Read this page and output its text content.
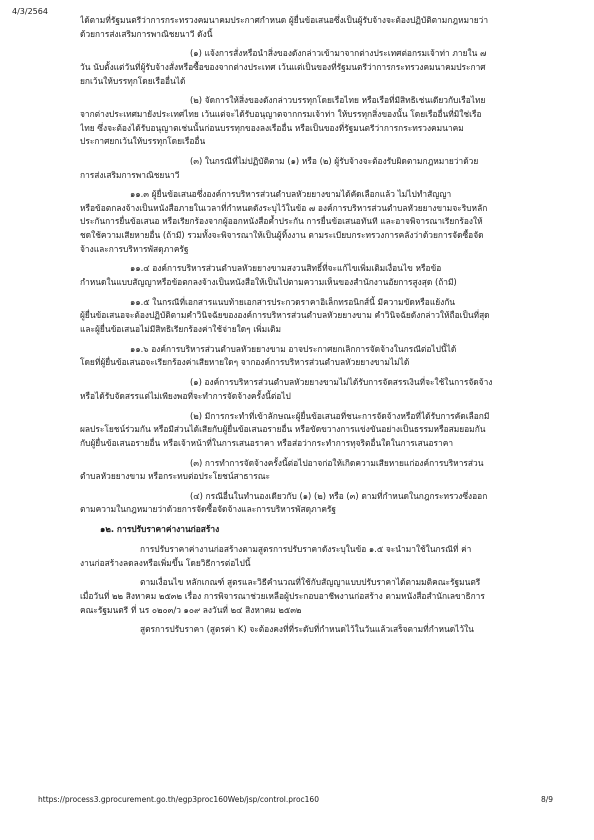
4/3/2564
ได้ตามที่รัฐมนตรีว่าการกระทรวงคมนาคมประกาศกำหนด ผู้ยื่นข้อเสนอซึ่งเป็นผู้รับจ้างจะต้องปฏิบัติตามกฎหมายว่า
ด้วยการส่งเสริมการพาณิชยนาวี ดังนี้
(๑) แจ้งการสั่งหรือนำสิ่งของดังกล่าวเข้ามาจากต่างประเทศต่อกรมเจ้าท่า ภายใน ๗
วัน นับตั้งแต่วันที่ผู้รับจ้างสั่งหรือซื้อของจากต่างประเทศ เว้นแต่เป็นของที่รัฐมนตรีว่าการกระทรวงคมนาคมประกาศ
ยกเว้นให้บรรทุกโดยเรืออื่นได้
(๒) จัดการให้สิ่งของดังกล่าวบรรทุกโดยเรือไทย หรือเรือที่มีสิทธิเช่นเดียวกับเรือไทย
จากต่างประเทศมายังประเทศไทย เว้นแต่จะได้รับอนุญาตจากกรมเจ้าท่า ให้บรรทุกสิ่งของนั้น โดยเรืออื่นที่มิใช่เรือ
ไทย ซึ่งจะต้องได้รับอนุญาตเช่นนั้นก่อนบรรทุกของลงเรืออื่น หรือเป็นของที่รัฐมนตรีว่าการกระทรวงคมนาคม
ประกาศยกเว้นให้บรรทุกโดยเรืออื่น
(๓) ในกรณีที่ไม่ปฏิบัติตาม (๑) หรือ (๒) ผู้รับจ้างจะต้องรับผิดตามกฎหมายว่าด้วย
การส่งเสริมการพาณิชยนาวี
๑๑.๓ ผู้ยื่นข้อเสนอซึ่งองค์การบริหารส่วนตำบลหัวยยางขามได้คัดเลือกแล้ว ไม่ไปทำสัญญา
หรือข้อตกลงจ้างเป็นหนังสือภายในเวลาที่กำหนดดังระบุไว้ในข้อ ๗ องค์การบริหารส่วนตำบลหัวยยางขามจะริบหลัก
ประกันการยื่นข้อเสนอ หรือเรียกร้องจากผู้ออกหนังสือค้ำประกัน การยื่นข้อเสนอทันที และอาจพิจารณาเรียกร้องให้
ชดใช้ความเสียหายอื่น (ถ้ามี) รวมทั้งจะพิจารณาให้เป็นผู้ทิ้งงาน ตามระเบียบกระทรวงการคลังว่าด้วยการจัดซื้อจัด
จ้างและการบริหารพัสดุภาครัฐ
๑๑.๔ องค์การบริหารส่วนตำบลหัวยยางขามสงวนสิทธิ์ที่จะแก้ไขเพิ่มเติมเงื่อนไข หรือข้อ
กำหนดในแบบสัญญาหรือข้อตกลงจ้างเป็นหนังสือให้เป็นไปตามความเห็นของสำนักงานอัยการสูงสุด (ถ้ามี)
๑๑.๕ ในกรณีที่เอกสารแนบท้ายเอกสารประกวดราคาอิเล็กทรอนิกส์นี้ มีความขัดหรือแย้งกัน
ผู้ยื่นข้อเสนอจะต้องปฏิบัติตามคำวินิจฉัยขององค์การบริหารส่วนตำบลหัวยยางขาม คำวินิจฉัยดังกล่าวให้ถือเป็นที่สุด
และผู้ยื่นข้อเสนอไม่มีสิทธิเรียกร้องค่าใช้จ่ายใดๆ เพิ่มเติม
๑๑.๖ องค์การบริหารส่วนตำบลหัวยยางขาม อาจประกาศยกเลิกการจัดจ้างในกรณีต่อไปนี้ได้
โดยที่ผู้ยื่นข้อเสนอจะเรียกร้องค่าเสียหายใดๆ จากองค์การบริหารส่วนตำบลหัวยยางขามไม่ได้
(๑) องค์การบริหารส่วนตำบลหัวยยางขามไม่ได้รับการจัดสรรเงินที่จะใช้ในการจัดจ้าง
หรือได้รับจัดสรรแต่ไม่เพียงพอที่จะทำการจัดจ้างครั้งนี้ต่อไป
(๒) มีการกระทำที่เข้าลักษณะผู้ยื่นข้อเสนอที่ชนะการจัดจ้างหรือที่ได้รับการคัดเลือกมี
ผลประโยชน์ร่วมกัน หรือมีส่วนได้เสียกับผู้ยื่นข้อเสนอรายอื่น หรือขัดขวางการแข่งขันอย่างเป็นธรรมหรือสมยอมกัน
กับผู้ยื่นข้อเสนอรายอื่น หรือเจ้าหน้าที่ในการเสนอราคา หรือส่อว่ากระทำการทุจริตอื่นใดในการเสนอราคา
(๓) การทำการจัดจ้างครั้งนี้ต่อไปอาจก่อให้เกิดความเสียหายแก่องค์การบริหารส่วน
ตำบลหัวยยางขาม หรือกระทบต่อประโยชน์สาธารณะ
(๔) กรณีอื่นในทำนองเดียวกับ (๑) (๒) หรือ (๓) ตามที่กำหนดในกฎกระทรวงซึ่งออก
ตามความในกฎหมายว่าด้วยการจัดซื้อจัดจ้างและการบริหารพัสดุภาครัฐ
๑๒. การปรับราคาค่างานก่อสร้าง
การปรับราคาค่างานก่อสร้างตามสูตรการปรับราคาดังระบุในข้อ ๑.๕ จะนำมาใช้ในกรณีที่ ค่า
งานก่อสร้างลดลงหรือเพิ่มขึ้น โดยวิธีการต่อไปนี้
ตามเงื่อนไข หลักเกณฑ์ สูตรและวิธีคำนวณที่ใช้กับสัญญาแบบปรับราคาได้ตามมติคณะรัฐมนตรี
เมื่อวันที่ ๒๒ สิงหาคม ๒๕๓๒ เรื่อง การพิจารณาช่วยเหลือผู้ประกอบอาชีพงานก่อสร้าง ตามหนังสือสำนักเลขาธิการ
คณะรัฐมนตรี ที่ นร ๐๒๐๓/ว ๑๐๙ ลงวันที่ ๒๔ สิงหาคม ๒๕๓๒
สูตรการปรับราคา (สูตรค่า K) จะต้องคงที่ที่ระดับที่กำหนดไว้ในวันแล้วเสร็จตามที่กำหนดไว้ใน
https://process3.gprocurement.go.th/egp3proc160Web/jsp/control.proc160	8/9
